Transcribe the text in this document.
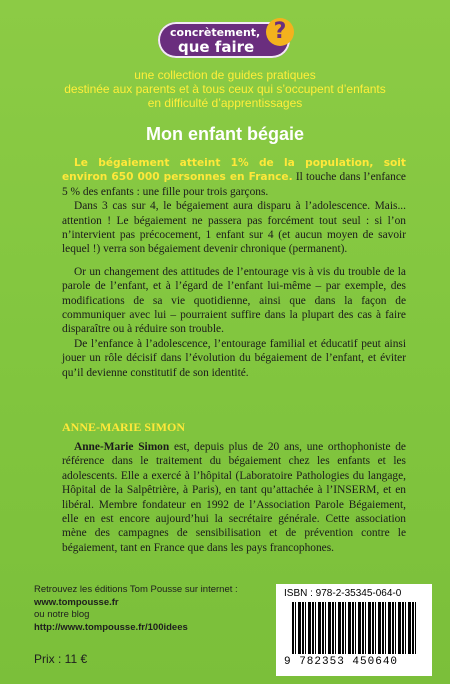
concrètement,
que faire
?
une collection de guides pratiques
destinée aux parents et à tous ceux qui s’occupent d’enfants
en difficulté d’apprentissages
Mon enfant bégaie

Le bégaiement atteint 1% de la population, soit environ 650 000 personnes en France. Il touche dans l’enfance 5 % des enfants : une fille pour trois garçons.

Dans 3 cas sur 4, le bégaiement aura disparu à l’adolescence. Mais... attention ! Le bégaiement ne passera pas forcément tout seul : si l’on n’intervient pas précocement, 1 enfant sur 4 (et aucun moyen de savoir lequel !) verra son bégaiement devenir chronique (permanent).

Or un changement des attitudes de l’entourage vis à vis du trouble de la parole de l’enfant, et à l’égard de l’enfant lui-même – par exemple, des modifications de sa vie quotidienne, ainsi que dans la façon de communiquer avec lui – pourraient suffire dans la plupart des cas à faire disparaître ou à réduire son trouble.

De l’enfance à l’adolescence, l’entourage familial et éducatif peut ainsi jouer un rôle décisif dans l’évolution du bégaiement de l’enfant, et éviter qu’il devienne constitutif de son identité.

ANNE-MARIE SIMON

Anne-Marie Simon est, depuis plus de 20 ans, une orthophoniste de référence dans le traitement du bégaiement chez les enfants et les adolescents. Elle a exercé à l’hôpital (Laboratoire Pathologies du langage, Hôpital de la Salpêtrière, à Paris), en tant qu’attachée à l’INSERM, et en libéral. Membre fondateur en 1992 de l’Association Parole Bégaiement, elle en est encore aujourd’hui la secrétaire générale. Cette association mène des campagnes de sensibilisation et de prévention contre le bégaiement, tant en France que dans les pays francophones.

Retrouvez les éditions Tom Pousse sur internet :
www.tompousse.fr
ou notre blog
http://www.tompousse.fr/100idees
Prix : 11 €
ISBN : 978-2-35345-064-0
9 782353 450640
